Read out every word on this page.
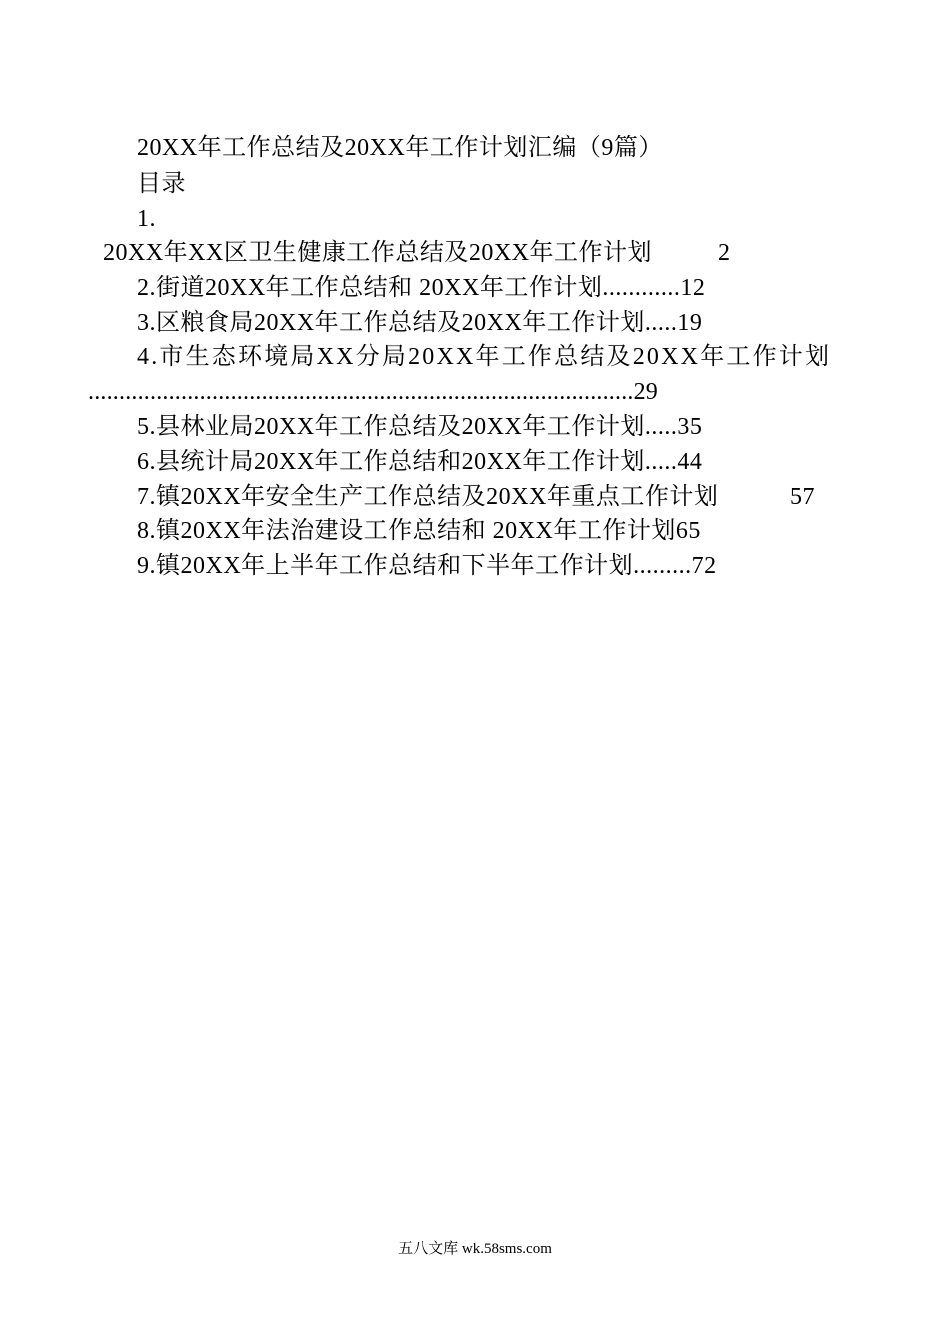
20XX年工作总结及20XX年工作计划汇编（9篇）
目录
1.
20XX年XX区卫生健康工作总结及20XX年工作计划	2
2.街道20XX年工作总结和 20XX年工作计划............12
3.区粮食局20XX年工作总结及20XX年工作计划.....19
4.市生态环境局XX分局20XX年工作总结及20XX年工作计划
........................................................................................29
5.县林业局20XX年工作总结及20XX年工作计划.....35
6.县统计局20XX年工作总结和20XX年工作计划.....44
7.镇20XX年安全生产工作总结及20XX年重点工作计划	57
8.镇20XX年法治建设工作总结和 20XX年工作计划65
9.镇20XX年上半年工作总结和下半年工作计划.........72
五八文库 wk.58sms.com
